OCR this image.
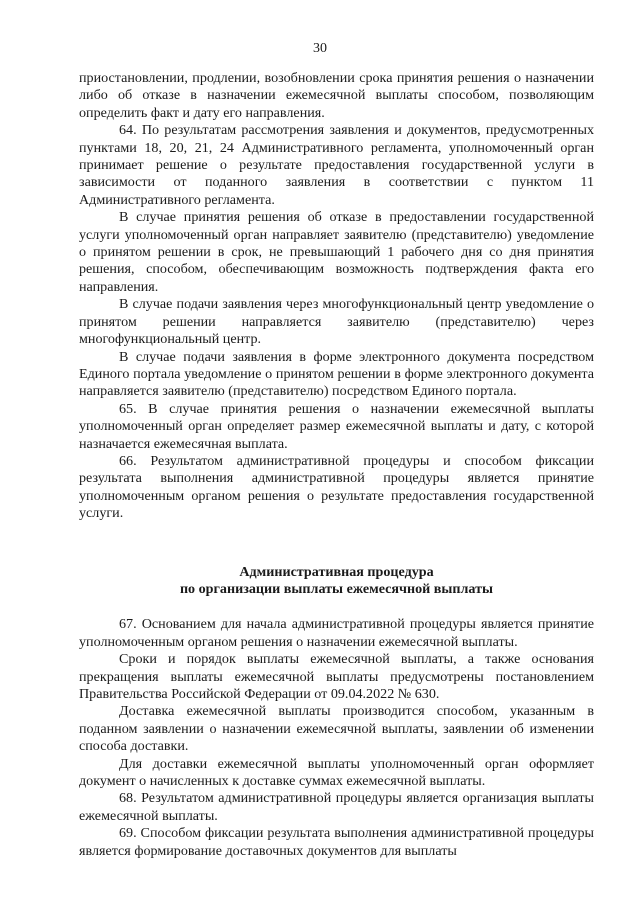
30

приостановлении, продлении, возобновлении срока принятия решения о назначении либо об отказе в назначении ежемесячной выплаты способом, позволяющим определить факт и дату его направления.

64. По результатам рассмотрения заявления и документов, предусмотренных пунктами 18, 20, 21, 24 Административного регламента, уполномоченный орган принимает решение о результате предоставления государственной услуги в зависимости от поданного заявления в соответствии с пунктом 11 Административного регламента.

В случае принятия решения об отказе в предоставлении государственной услуги уполномоченный орган направляет заявителю (представителю) уведомление о принятом решении в срок, не превышающий 1 рабочего дня со дня принятия решения, способом, обеспечивающим возможность подтверждения факта его направления.

В случае подачи заявления через многофункциональный центр уведомление о принятом решении направляется заявителю (представителю) через многофункциональный центр.

В случае подачи заявления в форме электронного документа посредством Единого портала уведомление о принятом решении в форме электронного документа направляется заявителю (представителю) посредством Единого портала.

65. В случае принятия решения о назначении ежемесячной выплаты уполномоченный орган определяет размер ежемесячной выплаты и дату, с которой назначается ежемесячная выплата.

66. Результатом административной процедуры и способом фиксации результата выполнения административной процедуры является принятие уполномоченным органом решения о результате предоставления государственной услуги.

Административная процедура
по организации выплаты ежемесячной выплаты

67. Основанием для начала административной процедуры является принятие уполномоченным органом решения о назначении ежемесячной выплаты.

Сроки и порядок выплаты ежемесячной выплаты, а также основания прекращения выплаты ежемесячной выплаты предусмотрены постановлением Правительства Российской Федерации от 09.04.2022 № 630.

Доставка ежемесячной выплаты производится способом, указанным в поданном заявлении о назначении ежемесячной выплаты, заявлении об изменении способа доставки.

Для доставки ежемесячной выплаты уполномоченный орган оформляет документ о начисленных к доставке суммах ежемесячной выплаты.

68. Результатом административной процедуры является организация выплаты ежемесячной выплаты.

69. Способом фиксации результата выполнения административной процедуры является формирование доставочных документов для выплаты
